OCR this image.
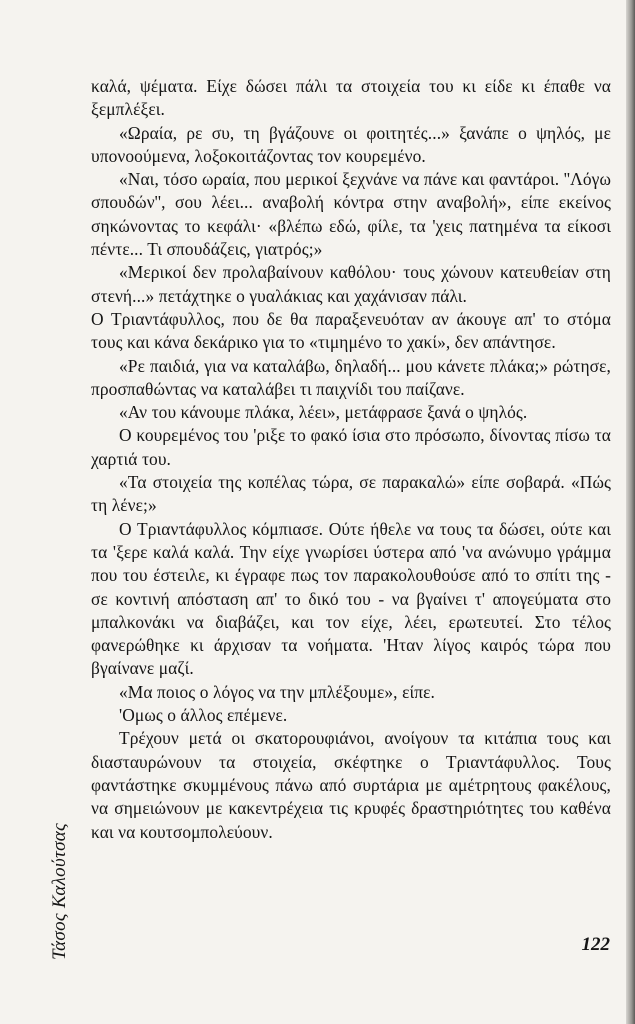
καλά, ψέματα. Είχε δώσει πάλι τα στοιχεία του κι είδε κι έπαθε να ξεμπλέξει.

«Ωραία, ρε συ, τη βγάζουνε οι φοιτητές...» ξανάπε ο ψηλός, με υπονοούμενα, λοξοκοιτάζοντας τον κουρεμένο.

«Ναι, τόσο ωραία, που μερικοί ξεχνάνε να πάνε και φαντάροι. ''Λόγω σπουδών'', σου λέει... αναβολή κόντρα στην αναβολή», είπε εκείνος σηκώνοντας το κεφάλι· «βλέπω εδώ, φίλε, τα 'χεις πατημένα τα είκοσι πέντε... Τι σπουδάζεις, γιατρός;»

«Μερικοί δεν προλαβαίνουν καθόλου· τους χώνουν κατευθείαν στη στενή...» πετάχτηκε ο γυαλάκιας και χαχάνισαν πάλι.

Ο Τριαντάφυλλος, που δε θα παραξενευόταν αν άκουγε απ' το στόμα τους και κάνα δεκάρικο για το «τιμημένο το χακί», δεν απάντησε.

«Ρε παιδιά, για να καταλάβω, δηλαδή... μου κάνετε πλάκα;» ρώτησε, προσπαθώντας να καταλάβει τι παιχνίδι του παίζανε.

«Αν του κάνουμε πλάκα, λέει», μετάφρασε ξανά ο ψηλός.

Ο κουρεμένος του 'ριξε το φακό ίσια στο πρόσωπο, δίνοντας πίσω τα χαρτιά του.

«Τα στοιχεία της κοπέλας τώρα, σε παρακαλώ» είπε σοβαρά. «Πώς τη λένε;»

Ο Τριαντάφυλλος κόμπιασε. Ούτε ήθελε να τους τα δώσει, ούτε και τα 'ξερε καλά καλά. Την είχε γνωρίσει ύστερα από 'να ανώνυμο γράμμα που του έστειλε, κι έγραφε πως τον παρακολουθούσε από το σπίτι της - σε κοντινή απόσταση απ' το δικό του - να βγαίνει τ' απογεύματα στο μπαλκονάκι να διαβάζει, και τον είχε, λέει, ερωτευτεί. Στο τέλος φανερώθηκε κι άρχισαν τα νοήματα. 'Ηταν λίγος καιρός τώρα που βγαίνανε μαζί.

«Μα ποιος ο λόγος να την μπλέξουμε», είπε.

'Ομως ο άλλος επέμενε.

Τρέχουν μετά οι σκατορουφιάνοι, ανοίγουν τα κιτάπια τους και διασταυρώνουν τα στοιχεία, σκέφτηκε ο Τριαντάφυλλος. Τους φαντάστηκε σκυμμένους πάνω από συρτάρια με αμέτρητους φακέλους, να σημειώνουν με κακεντρέχεια τις κρυφές δραστηριότητες του καθένα και να κουτσομπολεύουν.

Τάσος Καλούτσας	122
